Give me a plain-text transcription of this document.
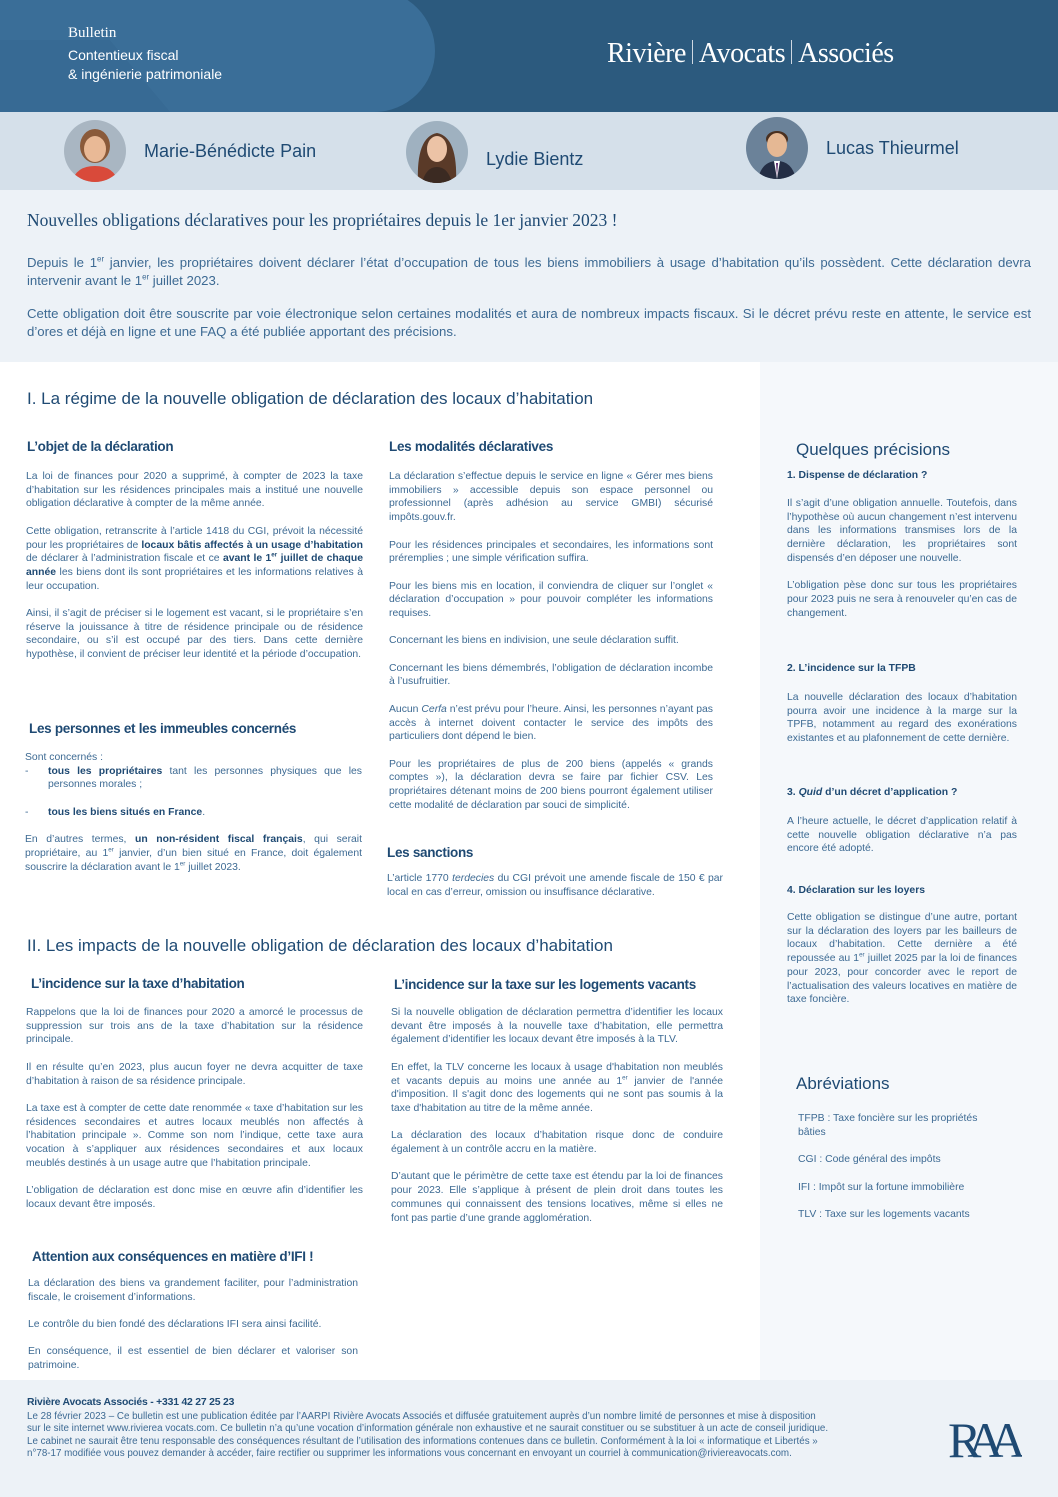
Bulletin
Contentieux fiscal
& ingénierie patrimoniale
Rivière Avocats Associés
Marie-Bénédicte Pain	Lydie Bientz
Lucas Thieurmel
Nouvelles obligations déclaratives pour les propriétaires depuis le 1er janvier 2023 !

Depuis le 1er janvier, les propriétaires doivent déclarer l’état d’occupation de tous les biens immobiliers à usage d’habitation qu’ils possèdent. Cette déclaration devra intervenir avant le 1er juillet 2023.

Cette obligation doit être souscrite par voie électronique selon certaines modalités et aura de nombreux impacts fiscaux. Si le décret prévu reste en attente, le service est d’ores et déjà en ligne et une FAQ a été publiée apportant des précisions.

I. La régime de la nouvelle obligation de déclaration des locaux d’habitation
L’objet de la déclaration

La loi de finances pour 2020 a supprimé, à compter de 2023 la taxe d’habitation sur les résidences principales mais a institué une nouvelle obligation déclarative à compter de la même année.

Cette obligation, retranscrite à l’article 1418 du CGI, prévoit la nécessité pour les propriétaires de locaux bâtis affectés à un usage d’habitation de déclarer à l’administration fiscale et ce avant le 1er juillet de chaque année les biens dont ils sont propriétaires et les informations relatives à leur occupation.

Ainsi, il s’agit de préciser si le logement est vacant, si le propriétaire s’en réserve la jouissance à titre de résidence principale ou de résidence secondaire, ou s’il est occupé par des tiers. Dans cette dernière hypothèse, il convient de préciser leur identité et la période d’occupation.

Les personnes et les immeubles concernés
Sont concernés :
- tous les propriétaires tant les personnes physiques que les personnes morales ;
- tous les biens situés en France.

En d’autres termes, un non-résident fiscal français, qui serait propriétaire, au 1er janvier, d’un bien situé en France, doit également souscrire la déclaration avant le 1er juillet 2023.

Les modalités déclaratives

La déclaration s’effectue depuis le service en ligne « Gérer mes biens immobiliers » accessible depuis son espace personnel ou professionnel (après adhésion au service GMBI) sécurisé impôts.gouv.fr.

Pour les résidences principales et secondaires, les informations sont préremplies ; une simple vérification suffira.

Pour les biens mis en location, il conviendra de cliquer sur l’onglet « déclaration d’occupation » pour pouvoir compléter les informations requises.

Concernant les biens en indivision, une seule déclaration suffit.

Concernant les biens démembrés, l’obligation de déclaration incombe à l’usufruitier.

Aucun Cerfa n’est prévu pour l’heure. Ainsi, les personnes n’ayant pas accès à internet doivent contacter le service des impôts des particuliers dont dépend le bien.

Pour les propriétaires de plus de 200 biens (appelés « grands comptes »), la déclaration devra se faire par fichier CSV. Les propriétaires détenant moins de 200 biens pourront également utiliser cette modalité de déclaration par souci de simplicité.

Les sanctions

L’article 1770 terdecies du CGI prévoit une amende fiscale de 150 € par local en cas d’erreur, omission ou insuffisance déclarative.

II. Les impacts de la nouvelle obligation de déclaration des locaux d’habitation
L’incidence sur la taxe d’habitation

Rappelons que la loi de finances pour 2020 a amorcé le processus de suppression sur trois ans de la taxe d’habitation sur la résidence principale.

Il en résulte qu’en 2023, plus aucun foyer ne devra acquitter de taxe d’habitation à raison de sa résidence principale.

La taxe est à compter de cette date renommée « taxe d’habitation sur les résidences secondaires et autres locaux meublés non affectés à l’habitation principale ». Comme son nom l’indique, cette taxe aura vocation à s’appliquer aux résidences secondaires et aux locaux meublés destinés à un usage autre que l’habitation principale.

L’obligation de déclaration est donc mise en œuvre afin d’identifier les locaux devant être imposés.

Attention aux conséquences en matière d’IFI !

La déclaration des biens va grandement faciliter, pour l’administration fiscale, le croisement d’informations.

Le contrôle du bien fondé des déclarations IFI sera ainsi facilité.

En conséquence, il est essentiel de bien déclarer et valoriser son patrimoine.

L’incidence sur la taxe sur les logements vacants

Si la nouvelle obligation de déclaration permettra d’identifier les locaux devant être imposés à la nouvelle taxe d’habitation, elle permettra également d’identifier les locaux devant être imposés à la TLV.

En effet, la TLV concerne les locaux à usage d'habitation non meublés et vacants depuis au moins une année au 1er janvier de l'année d'imposition. Il s'agit donc des logements qui ne sont pas soumis à la taxe d'habitation au titre de la même année.

La déclaration des locaux d’habitation risque donc de conduire également à un contrôle accru en la matière.

D’autant que le périmètre de cette taxe est étendu par la loi de finances pour 2023. Elle s’applique à présent de plein droit dans toutes les communes qui connaissent des tensions locatives, même si elles ne font pas partie d’une grande agglomération.

Quelques précisions
1. Dispense de déclaration ?

Il s’agit d’une obligation annuelle. Toutefois, dans l’hypothèse où aucun changement n’est intervenu dans les informations transmises lors de la dernière déclaration, les propriétaires sont dispensés d’en déposer une nouvelle.

L’obligation pèse donc sur tous les propriétaires pour 2023 puis ne sera à renouveler qu’en cas de changement.

2. L’incidence sur la TFPB

La nouvelle déclaration des locaux d’habitation pourra avoir une incidence à la marge sur la TPFB, notamment au regard des exonérations existantes et au plafonnement de cette dernière.

3. Quid d’un décret d’application ?

A l’heure actuelle, le décret d’application relatif à cette nouvelle obligation déclarative n’a pas encore été adopté.

4. Déclaration sur les loyers

Cette obligation se distingue d’une autre, portant sur la déclaration des loyers par les bailleurs de locaux d’habitation. Cette dernière a été repoussée au 1er juillet 2025 par la loi de finances pour 2023, pour concorder avec le report de l’actualisation des valeurs locatives en matière de taxe foncière.

Abréviations
TFPB : Taxe foncière sur les propriétés bâties
CGI : Code général des impôts
IFI : Impôt sur la fortune immobilière
TLV : Taxe sur les logements vacants
Rivière Avocats Associés - +331 42 27 25 23
Le 28 février 2023 – Ce bulletin est une publication éditée par l’AARPI Rivière Avocats Associés et diffusée gratuitement auprès d’un nombre limité de personnes et mise à disposition
sur le site internet www.rivierea vocats.com. Ce bulletin n’a qu’une vocation d’information générale non exhaustive et ne saurait constituer ou se substituer à un acte de conseil juridique.
Le cabinet ne saurait être tenu responsable des conséquences résultant de l’utilisation des informations contenues dans ce bulletin. Conformément à la loi « informatique et Libertés »
n°78-17 modifiée vous pouvez demander à accéder, faire rectifier ou supprimer les informations vous concernant en envoyant un courriel à communication@riviereavocats.com.	RAA
